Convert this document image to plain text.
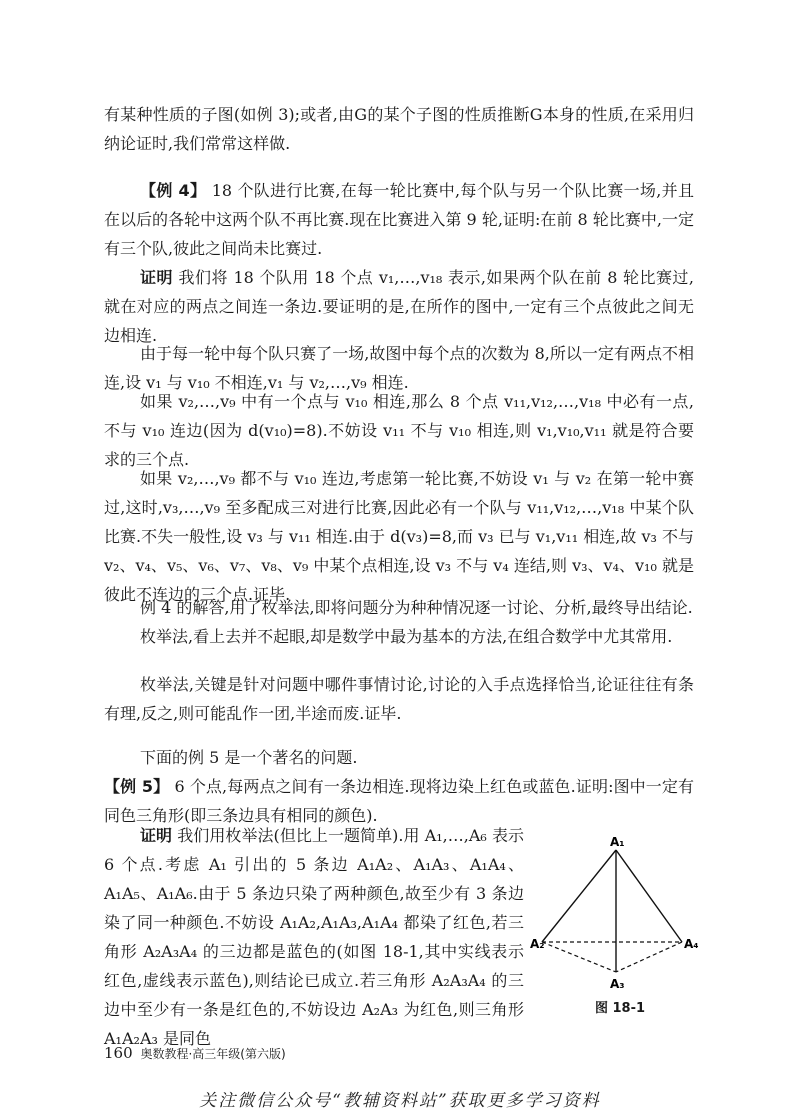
有某种性质的子图(如例 3);或者,由G的某个子图的性质推断G本身的性质,在采用归纳论证时,我们常常这样做.

【例 4】 18 个队进行比赛,在每一轮比赛中,每个队与另一个队比赛一场,并且在以后的各轮中这两个队不再比赛.现在比赛进入第 9 轮,证明:在前 8 轮比赛中,一定有三个队,彼此之间尚未比赛过.

证明 我们将 18 个队用 18 个点 v₁,…,v₁₈ 表示,如果两个队在前 8 轮比赛过,就在对应的两点之间连一条边.要证明的是,在所作的图中,一定有三个点彼此之间无边相连.

由于每一轮中每个队只赛了一场,故图中每个点的次数为 8,所以一定有两点不相连,设 v₁ 与 v₁₀ 不相连,v₁ 与 v₂,…,v₉ 相连.

如果 v₂,…,v₉ 中有一个点与 v₁₀ 相连,那么 8 个点 v₁₁,v₁₂,…,v₁₈ 中必有一点,不与 v₁₀ 连边(因为 d(v₁₀)=8).不妨设 v₁₁ 不与 v₁₀ 相连,则 v₁,v₁₀,v₁₁ 就是符合要求的三个点.

如果 v₂,…,v₉ 都不与 v₁₀ 连边,考虑第一轮比赛,不妨设 v₁ 与 v₂ 在第一轮中赛过,这时,v₃,…,v₉ 至多配成三对进行比赛,因此必有一个队与 v₁₁,v₁₂,…,v₁₈ 中某个队比赛.不失一般性,设 v₃ 与 v₁₁ 相连.由于 d(v₃)=8,而 v₃ 已与 v₁,v₁₁ 相连,故 v₃ 不与 v₂、v₄、v₅、v₆、v₇、v₈、v₉ 中某个点相连,设 v₃ 不与 v₄ 连结,则 v₃、v₄、v₁₀ 就是彼此不连边的三个点.证毕.

例 4 的解答,用了枚举法,即将问题分为种种情况逐一讨论、分析,最终导出结论.

枚举法,看上去并不起眼,却是数学中最为基本的方法,在组合数学中尤其常用.

枚举法,关键是针对问题中哪件事情讨论,讨论的入手点选择恰当,论证往往有条有理,反之,则可能乱作一团,半途而废.证毕.

下面的例 5 是一个著名的问题.

【例 5】 6 个点,每两点之间有一条边相连.现将边染上红色或蓝色.证明:图中一定有同色三角形(即三条边具有相同的颜色).

证明 我们用枚举法(但比上一题简单).用 A₁,…,A₆ 表示 6 个点.考虑 A₁ 引出的 5 条边 A₁A₂、A₁A₃、A₁A₄、A₁A₅、A₁A₆.由于 5 条边只染了两种颜色,故至少有 3 条边染了同一种颜色.不妨设 A₁A₂,A₁A₃,A₁A₄ 都染了红色,若三角形 A₂A₃A₄ 的三边都是蓝色的(如图 18-1,其中实线表示红色,虚线表示蓝色),则结论已成立.若三角形 A₂A₃A₄ 的三边中至少有一条是红色的,不妨设边 A₂A₃ 为红色,则三角形 A₁A₂A₃ 是同色

A₁
A₂
A₃
A₄
图 18-1
160 奥数教程·高三年级(第六版)
关注微信公众号“教辅资料站”获取更多学习资料
